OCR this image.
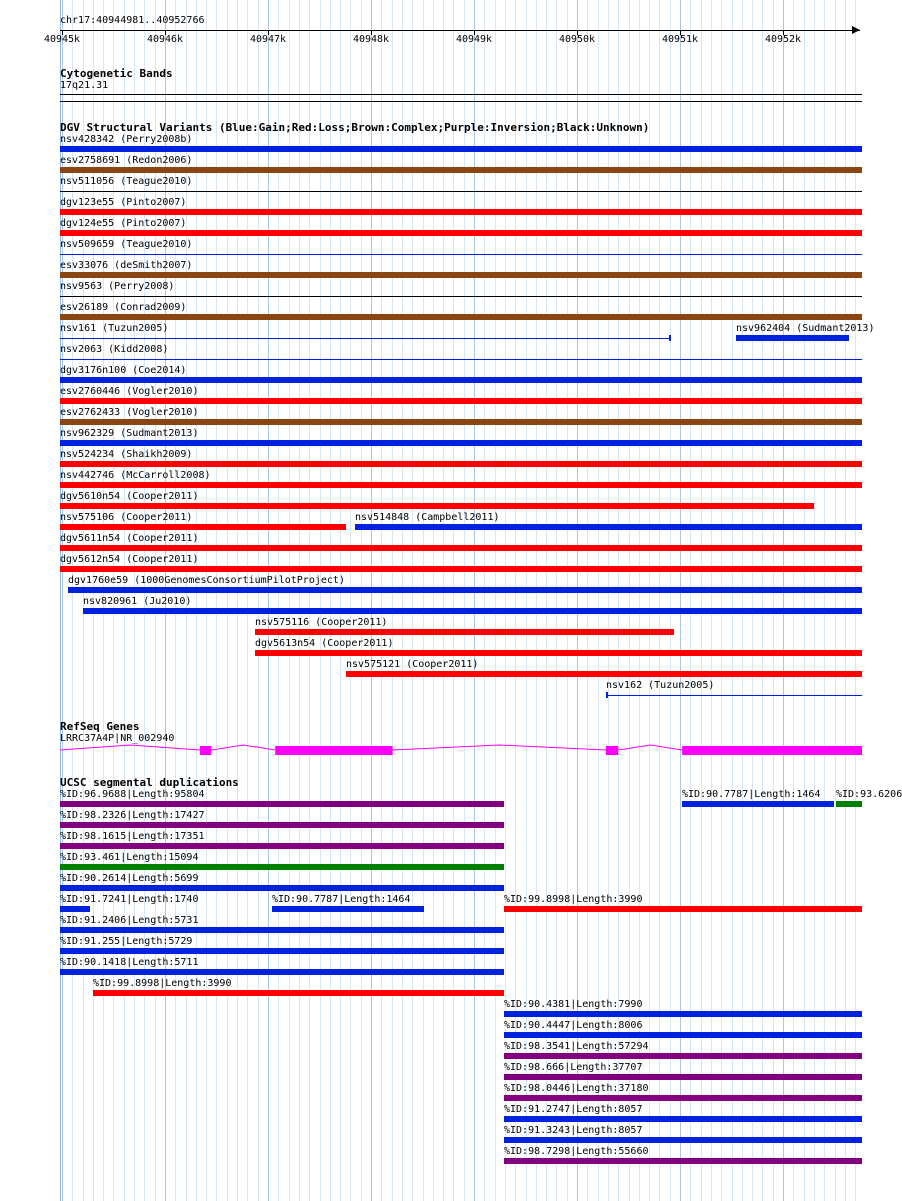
chr17:40944981..40952766
40945k	40946k	40947k	40948k	40949k	40950k	40951k	40952k
Cytogenetic Bands
17q21.31
DGV Structural Variants (Blue:Gain;Red:Loss;Brown:Complex;Purple:Inversion;Black:Unknown)
nsv428342 (Perry2008b)
esv2758691 (Redon2006)
nsv511056 (Teague2010)
dgv123e55 (Pinto2007)
dgv124e55 (Pinto2007)
nsv509659 (Teague2010)
esv33076 (deSmith2007)
nsv9563 (Perry2008)
esv26189 (Conrad2009)
nsv161 (Tuzun2005)	nsv962404 (Sudmant2013)
nsv2063 (Kidd2008)
dgv3176n100 (Coe2014)
esv2760446 (Vogler2010)
esv2762433 (Vogler2010)
nsv962329 (Sudmant2013)
nsv524234 (Shaikh2009)
nsv442746 (McCarroll2008)
dgv5610n54 (Cooper2011)
nsv575106 (Cooper2011)	nsv514848 (Campbell2011)
dgv5611n54 (Cooper2011)
dgv5612n54 (Cooper2011)
dgv1760e59 (1000GenomesConsortiumPilotProject)
nsv820961 (Ju2010)
nsv575116 (Cooper2011)
dgv5613n54 (Cooper2011)
nsv575121 (Cooper2011)
nsv162 (Tuzun2005)
RefSeq Genes
LRRC37A4P|NR_002940
UCSC segmental duplications
%ID:96.9688|Length:95804	%ID:90.7787|Length:1464 %ID:93.6206
%ID:98.2326|Length:17427
%ID:98.1615|Length:17351
%ID:93.461|Length:15094
%ID:90.2614|Length:5699
%ID:91.7241|Length:1740	%ID:90.7787|Length:1464	%ID:99.8998|Length:3990
%ID:91.2406|Length:5731
%ID:91.255|Length:5729
%ID:90.1418|Length:5711
%ID:99.8998|Length:3990
%ID:90.4381|Length:7990
%ID:90.4447|Length:8006
%ID:98.3541|Length:57294
%ID:98.666|Length:37707
%ID:98.0446|Length:37180
%ID:91.2747|Length:8057
%ID:91.3243|Length:8057
%ID:98.7298|Length:55660
